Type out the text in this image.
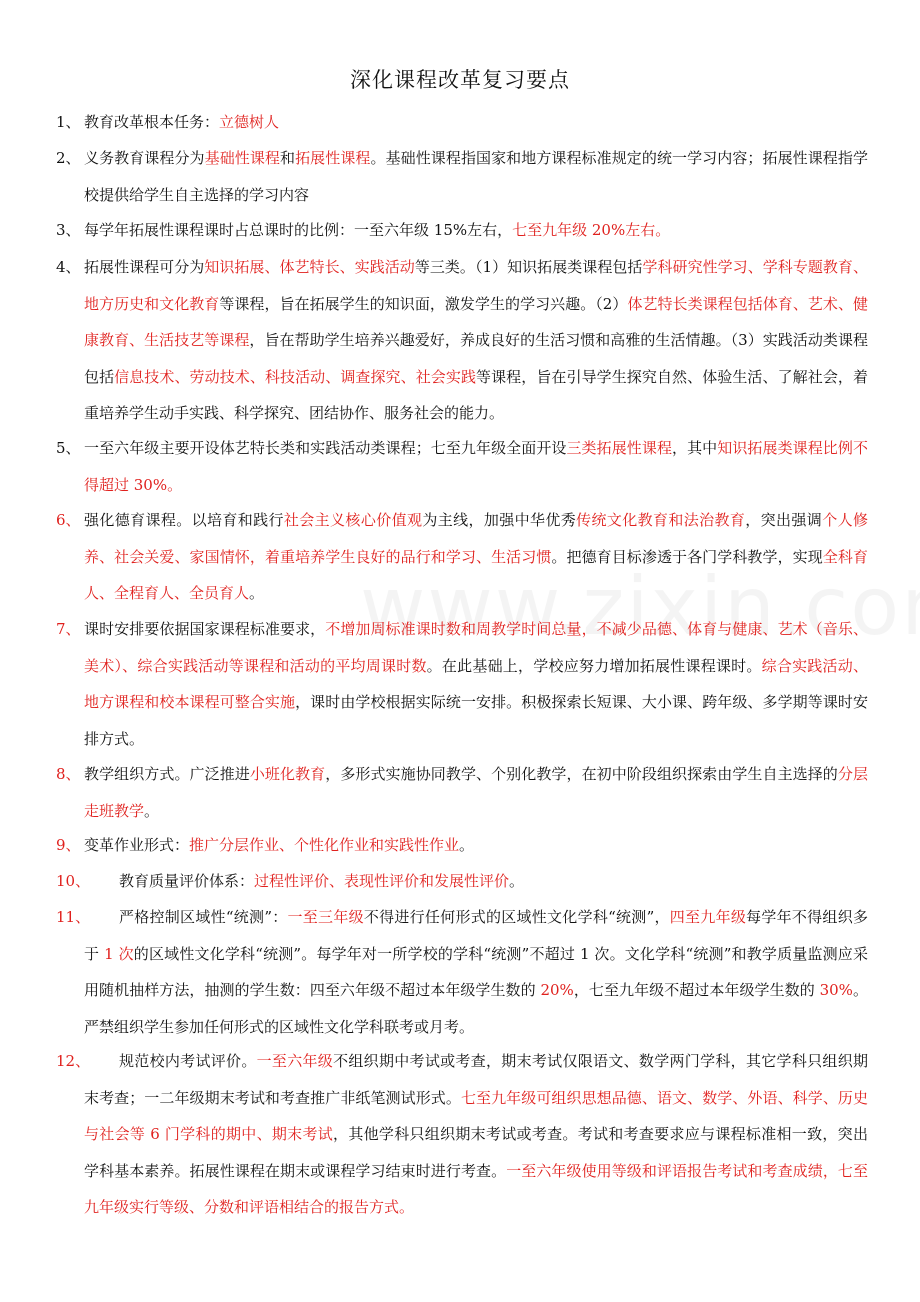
深化课程改革复习要点
1、 教育改革根本任务：立德树人
2、 义务教育课程分为基础性课程和拓展性课程。基础性课程指国家和地方课程标准规定的统一学习内容；拓展性课程指学校提供给学生自主选择的学习内容
3、 每学年拓展性课程课时占总课时的比例：一至六年级 15%左右，七至九年级 20%左右。
4、 拓展性课程可分为知识拓展、体艺特长、实践活动等三类。（1）知识拓展类课程包括学科研究性学习、学科专题教育、地方历史和文化教育等课程，旨在拓展学生的知识面，激发学生的学习兴趣。（2）体艺特长类课程包括体育、艺术、健康教育、生活技艺等课程，旨在帮助学生培养兴趣爱好，养成良好的生活习惯和高雅的生活情趣。（3）实践活动类课程包括信息技术、劳动技术、科技活动、调查探究、社会实践等课程，旨在引导学生探究自然、体验生活、了解社会，着重培养学生动手实践、科学探究、团结协作、服务社会的能力。
5、 一至六年级主要开设体艺特长类和实践活动类课程；七至九年级全面开设三类拓展性课程，其中知识拓展类课程比例不得超过 30%。
6、 强化德育课程。以培育和践行社会主义核心价值观为主线，加强中华优秀传统文化教育和法治教育，突出强调个人修养、社会关爱、家国情怀，着重培养学生良好的品行和学习、生活习惯。把德育目标渗透于各门学科教学，实现全科育人、全程育人、全员育人。
7、 课时安排要依据国家课程标准要求，不增加周标准课时数和周教学时间总量，不减少品德、体育与健康、艺术（音乐、美术）、综合实践活动等课程和活动的平均周课时数。在此基础上，学校应努力增加拓展性课程课时。综合实践活动、地方课程和校本课程可整合实施，课时由学校根据实际统一安排。积极探索长短课、大小课、跨年级、多学期等课时安排方式。
8、 教学组织方式。广泛推进小班化教育，多形式实施协同教学、个别化教学，在初中阶段组织探索由学生自主选择的分层走班教学。
9、 变革作业形式：推广分层作业、个性化作业和实践性作业。
10、	教育质量评价体系：过程性评价、表现性评价和发展性评价。
11、	严格控制区域性“统测”：一至三年级不得进行任何形式的区域性文化学科“统测”，四至九年级每学年不得组织多于 1 次的区域性文化学科“统测”。每学年对一所学校的学科“统测”不超过 1 次。文化学科“统测”和教学质量监测应采用随机抽样方法，抽测的学生数：四至六年级不超过本年级学生数的 20%，七至九年级不超过本年级学生数的 30%。严禁组织学生参加任何形式的区域性文化学科联考或月考。
12、	规范校内考试评价。一至六年级不组织期中考试或考查，期末考试仅限语文、数学两门学科，其它学科只组织期末考查；一二年级期末考试和考查推广非纸笔测试形式。七至九年级可组织思想品德、语文、数学、外语、科学、历史与社会等 6 门学科的期中、期末考试，其他学科只组织期末考试或考查。考试和考查要求应与课程标准相一致，突出学科基本素养。拓展性课程在期末或课程学习结束时进行考查。一至六年级使用等级和评语报告考试和考查成绩，七至九年级实行等级、分数和评语相结合的报告方式。
